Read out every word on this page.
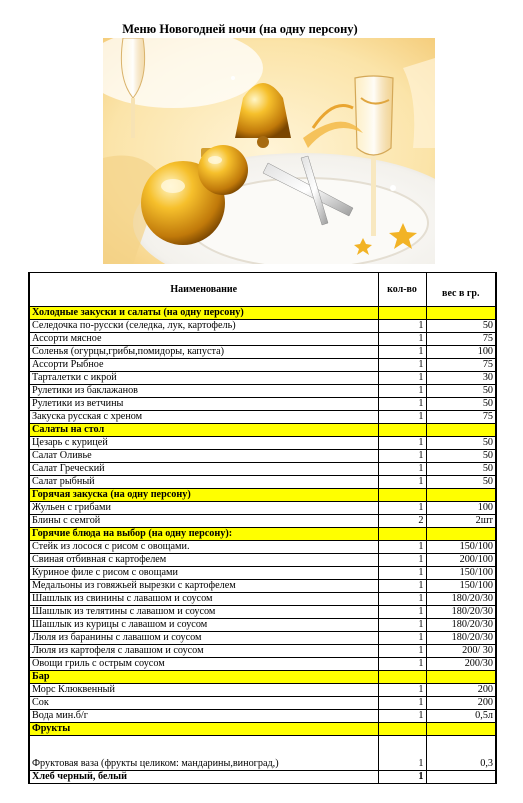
Меню Новогодней ночи (на одну персону)
Наименование	кол-во	вес в гр.
Холодные закуски и салаты (на одну персону)		
Селедочка по-русски (селедка, лук, картофель)	1	50
Ассорти мясное	1	75
Соленья (огурцы,грибы,помидоры, капуста)	1	100
Ассорти Рыбное	1	75
Тарталетки с икрой	1	30
Рулетики из баклажанов	1	50
Рулетики из ветчины	1	50
Закуска русская с хреном	1	75
Салаты на стол		
Цезарь с курицей	1	50
Салат Оливье	1	50
Салат Греческий	1	50
Салат рыбный	1	50
Горячая закуска (на одну персону)		
Жульен с грибами	1	100
Блины с семгой	2	2шт
Горячие блюда на выбор (на одну персону):		
Стейк из лосося с рисом с овощами.	1	150/100
Свиная отбивная с картофелем	1	200/100
Куриное филе с рисом с овощами	1	150/100
Медальоны из говяжьей вырезки с картофелем	1	150/100
Шашлык из свинины с лавашом и соусом	1	180/20/30
Шашлык из телятины с лавашом и соусом	1	180/20/30
Шашлык из курицы с лавашом и соусом	1	180/20/30
Люля из баранины с лавашом и соусом	1	180/20/30
Люля из картофеля с лавашом и соусом	1	200/ 30
Овощи гриль с острым соусом	1	200/30
Бар		
Морс Клюквенный	1	200
Сок	1	200
Вода мин.б/г	1	0,5л
Фрукты		
Фруктовая ваза (фрукты целиком: мандарины,виноград,)	1	0,3
Хлеб черный, белый	1	
